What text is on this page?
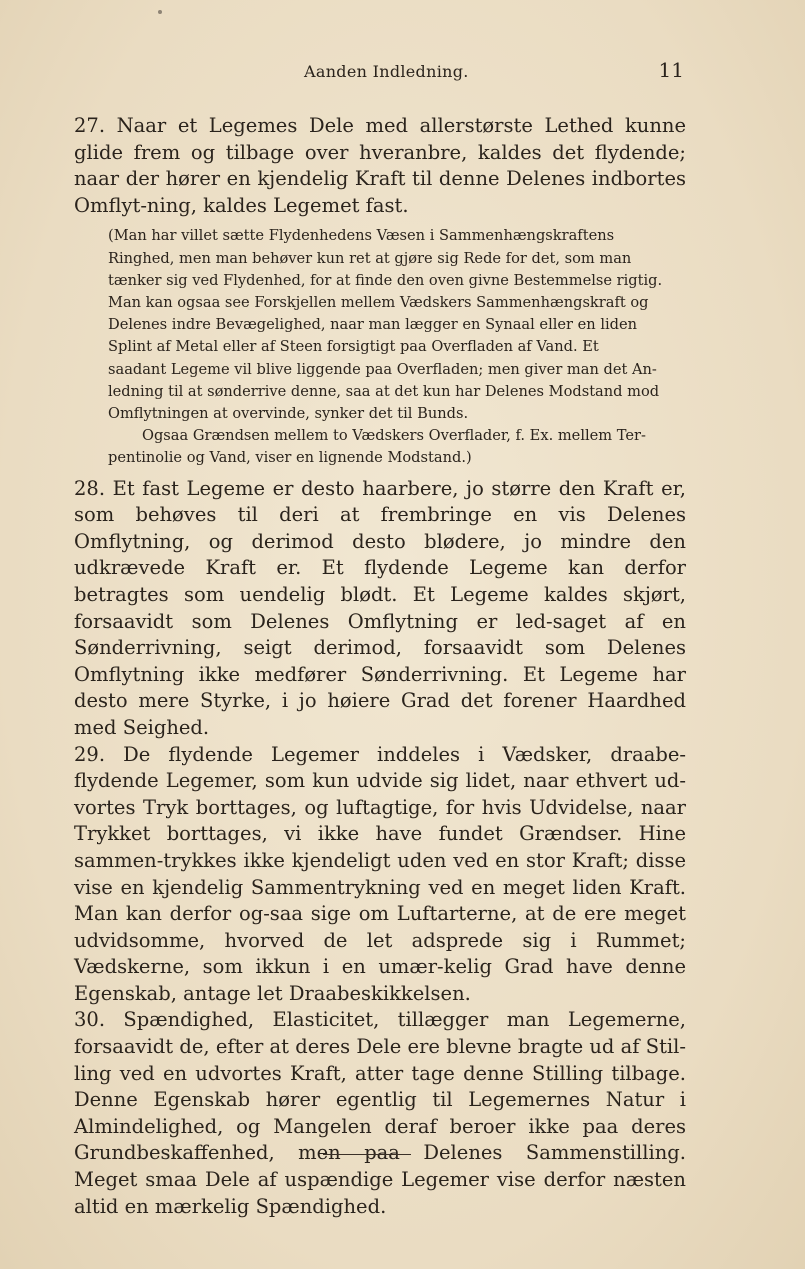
Aanden Indledning.	11

27. Naar et Legemes Dele med allerstørste Lethed kunne glide frem og tilbage over hveranbre, kaldes det flydende; naar der hører en kjendelig Kraft til denne Delenes indbortes Omflyt-ning, kaldes Legemet fast.

(Man har villet sætte Flydenhedens Væsen i Sammenhængskraftens
Ringhed, men man behøver kun ret at gjøre sig Rede for det, som man
tænker sig ved Flydenhed, for at finde den oven givne Bestemmelse rigtig.
Man kan ogsaa see Forskjellen mellem Vædskers Sammenhængskraft og
Delenes indre Bevægelighed, naar man lægger en Synaal eller en liden
Splint af Metal eller af Steen forsigtigt paa Overfladen af Vand. Et
saadant Legeme vil blive liggende paa Overfladen; men giver man det An-
ledning til at sønderrive denne, saa at det kun har Delenes Modstand mod
Omflytningen at overvinde, synker det til Bunds.
Ogsaa Grændsen mellem to Vædskers Overflader, f. Ex. mellem Ter-
pentinolie og Vand, viser en lignende Modstand.)

28. Et fast Legeme er desto haarbere, jo større den Kraft er, som behøves til deri at frembringe en vis Delenes Omflytning, og derimod desto blødere, jo mindre den udkrævede Kraft er. Et flydende Legeme kan derfor betragtes som uendelig blødt. Et Legeme kaldes skjørt, forsaavidt som Delenes Omflytning er led-saget af en Sønderrivning, seigt derimod, forsaavidt som Delenes Omflytning ikke medfører Sønderrivning. Et Legeme har desto mere Styrke, i jo høiere Grad det forener Haardhed med Seighed.

29. De flydende Legemer inddeles i Vædsker, draabe-flydende Legemer, som kun udvide sig lidet, naar ethvert ud-vortes Tryk borttages, og luftagtige, for hvis Udvidelse, naar Trykket borttages, vi ikke have fundet Grændser. Hine sammen-trykkes ikke kjendeligt uden ved en stor Kraft; disse vise en kjendelig Sammentrykning ved en meget liden Kraft. Man kan derfor og-saa sige om Luftarterne, at de ere meget udvidsomme, hvorved de let adsprede sig i Rummet; Vædskerne, som ikkun i en umær-kelig Grad have denne Egenskab, antage let Draabeskikkelsen.

30. Spændighed, Elasticitet, tillægger man Legemerne, forsaavidt de, efter at deres Dele ere blevne bragte ud af Stil-ling ved en udvortes Kraft, atter tage denne Stilling tilbage. Denne Egenskab hører egentlig til Legemernes Natur i Almindelighed, og Mangelen deraf beroer ikke paa deres Grundbeskaffenhed, men paa Delenes Sammenstilling. Meget smaa Dele af uspændige Legemer vise derfor næsten altid en mærkelig Spændighed.
